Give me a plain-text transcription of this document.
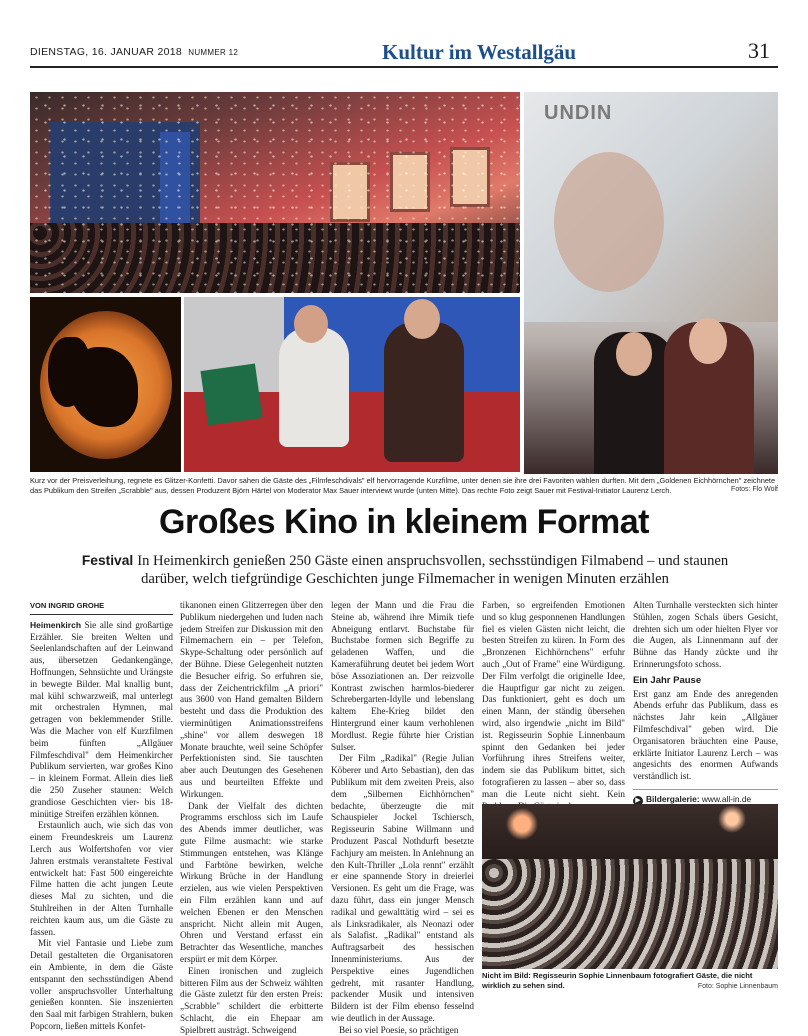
DIENSTAG, 16. JANUAR 2018 NUMMER 12	Kultur im Westallgäu	31
UNDIN
Kurz vor der Preisverleihung, regnete es Glitzer-Konfetti. Davor sahen die Gäste des „Filmfeschdivals" elf hervorragende Kurzfilme, unter denen sie ihre drei Favoriten wählen durften. Mit dem „Goldenen Eichhörnchen" zeichnete das Publikum den Streifen „Scrabble" aus, dessen Produzent Björn Härtel von Moderator Max Sauer interviewt wurde (unten Mitte). Das rechte Foto zeigt Sauer mit Festival-Initiator Laurenz Lerch.	Fotos: Flo Wolf
Großes Kino in kleinem Format
Festival In Heimenkirch genießen 250 Gäste einen anspruchsvollen, sechsstündigen Filmabend – und staunen darüber, welch tiefgründige Geschichten junge Filmemacher in wenigen Minuten erzählen
VON INGRID GROHE

Heimenkirch Sie alle sind großartige Erzähler. Sie breiten Welten und Seelenlandschaften auf der Leinwand aus, übersetzen Gedankengänge, Hoffnungen, Sehnsüchte und Urängste in bewegte Bilder. Mal knallig bunt, mal kühl schwarzweiß, mal unterlegt mit orchestralen Hymnen, mal getragen von beklemmender Stille. Was die Macher von elf Kurzfilmen beim fünften „Allgäuer Filmfeschdival" dem Heimenkircher Publikum servierten, war großes Kino – in kleinem Format. Allein dies ließ die 250 Zuseher staunen: Welch grandiose Geschichten vier- bis 18-minütige Streifen erzählen können.

Erstaunlich auch, wie sich das von einem Freundeskreis um Laurenz Lerch aus Wolfertshofen vor vier Jahren erstmals veranstaltete Festival entwickelt hat: Fast 500 eingereichte Filme hatten die acht jungen Leute dieses Mal zu sichten, und die Stuhlreihen in der Alten Turnhalle reichten kaum aus, um die Gäste zu fassen.

Mit viel Fantasie und Liebe zum Detail gestalteten die Organisatoren ein Ambiente, in dem die Gäste entspannt den sechsstündigen Abend voller anspruchsvoller Unterhaltung genießen konnten. Sie inszenierten den Saal mit farbigen Strahlern, buken Popcorn, ließen mittels Konfet-

tikanonen einen Glitzerregen über den Publikum niedergehen und luden nach jedem Streifen zur Diskussion mit den Filmemachern ein – per Telefon, Skype-Schaltung oder persönlich auf der Bühne. Diese Gelegenheit nutzten die Besucher eifrig. So erfuhren sie, dass der Zeichentrickfilm „A priori" aus 3600 von Hand gemalten Bildern besteht und dass die Produktion des vierminütigen Animationsstreifens „shine" vor allem deswegen 18 Monate brauchte, weil seine Schöpfer Perfektionisten sind. Sie tauschten aber auch Deutungen des Gesehenen aus und beurteilten Effekte und Wirkungen.

Dank der Vielfalt des dichten Programms erschloss sich im Laufe des Abends immer deutlicher, was gute Filme ausmacht: wie starke Stimmungen entstehen, was Klänge und Farbtöne bewirken, welche Wirkung Brüche in der Handlung erzielen, aus wie vielen Perspektiven ein Film erzählen kann und auf welchen Ebenen er den Menschen anspricht. Nicht allein mit Augen, Ohren und Verstand erfasst ein Betrachter das Wesentliche, manches erspürt er mit dem Körper.

Einen ironischen und zugleich bitteren Film aus der Schweiz wählten die Gäste zuletzt für den ersten Preis: „Scrabble" schildert die erbitterte Schlacht, die ein Ehepaar am Spielbrett austrägt. Schweigend

legen der Mann und die Frau die Steine ab, während ihre Mimik tiefe Abneigung entlarvt. Buchstabe für Buchstabe formen sich Begriffe zu geladenen Waffen, und die Kameraführung deutet bei jedem Wort böse Assoziationen an. Der reizvolle Kontrast zwischen harmlos-biederer Schrebergarten-Idylle und lebenslang kaltem Ehe-Krieg bildet den Hintergrund einer kaum verhohlenen Mordlust. Regie führte hier Cristian Sulser.

Der Film „Radikal" (Regie Julian Köberer und Arto Sebastian), den das Publikum mit dem zweiten Preis, also dem „Silbernen Eichhörnchen" bedachte, überzeugte die mit Schauspieler Jockel Tschiersch, Regisseurin Sabine Willmann und Produzent Pascal Nothdurft besetzte Fachjury am meisten. In Anlehnung an den Kult-Thriller „Lola rennt" erzählt er eine spannende Story in dreierlei Versionen. Es geht um die Frage, was dazu führt, dass ein junger Mensch radikal und gewalttätig wird – sei es als Linksradikaler, als Neonazi oder als Salafist. „Radikal" entstand als Auftragsarbeit des hessischen Innenministeriums. Aus der Perspektive eines Jugendlichen gedreht, mit rasanter Handlung, packender Musik und intensiven Bildern ist der Film ebenso fesselnd wie deutlich in der Aussage.

Bei so viel Poesie, so prächtigen

Farben, so ergreifenden Emotionen und so klug gesponnenen Handlungen fiel es vielen Gästen nicht leicht, die besten Streifen zu küren. In Form des „Bronzenen Eichhörnchens" erfuhr auch „Out of Frame" eine Würdigung. Der Film verfolgt die originelle Idee, die Hauptfigur gar nicht zu zeigen. Das funktioniert, geht es doch um einen Mann, der ständig übersehen wird, also irgendwie „nicht im Bild" ist. Regisseurin Sophie Linnenbaum spinnt den Gedanken bei jeder Vorführung ihres Streifens weiter, indem sie das Publikum bittet, sich fotografieren zu lassen – aber so, dass man die Leute nicht sieht. Kein

Alten Turnhalle versteckten sich hinter Stühlen, zogen Schals übers Gesicht, drehten sich um oder hielten Flyer vor die Augen, als Linnenmann auf der Bühne das Handy zückte und ihr Erinnerungsfoto schoss.

Ein Jahr Pause

Erst ganz am Ende des anregenden Abends erfuhr das Publikum, dass es nächstes Jahr kein „Allgäuer Filmfeschdival" geben wird. Die Organisatoren bräuchten eine Pause, erklärte Initiator Laurenz Lerch – was angesichts des enormen Aufwands verständlich ist.

▶ Bildergalerie: www.all-in.de
Nicht im Bild: Regisseurin Sophie Linnenbaum fotografiert Gäste, die nicht wirklich zu sehen sind.	Foto: Sophie Linnenbaum
